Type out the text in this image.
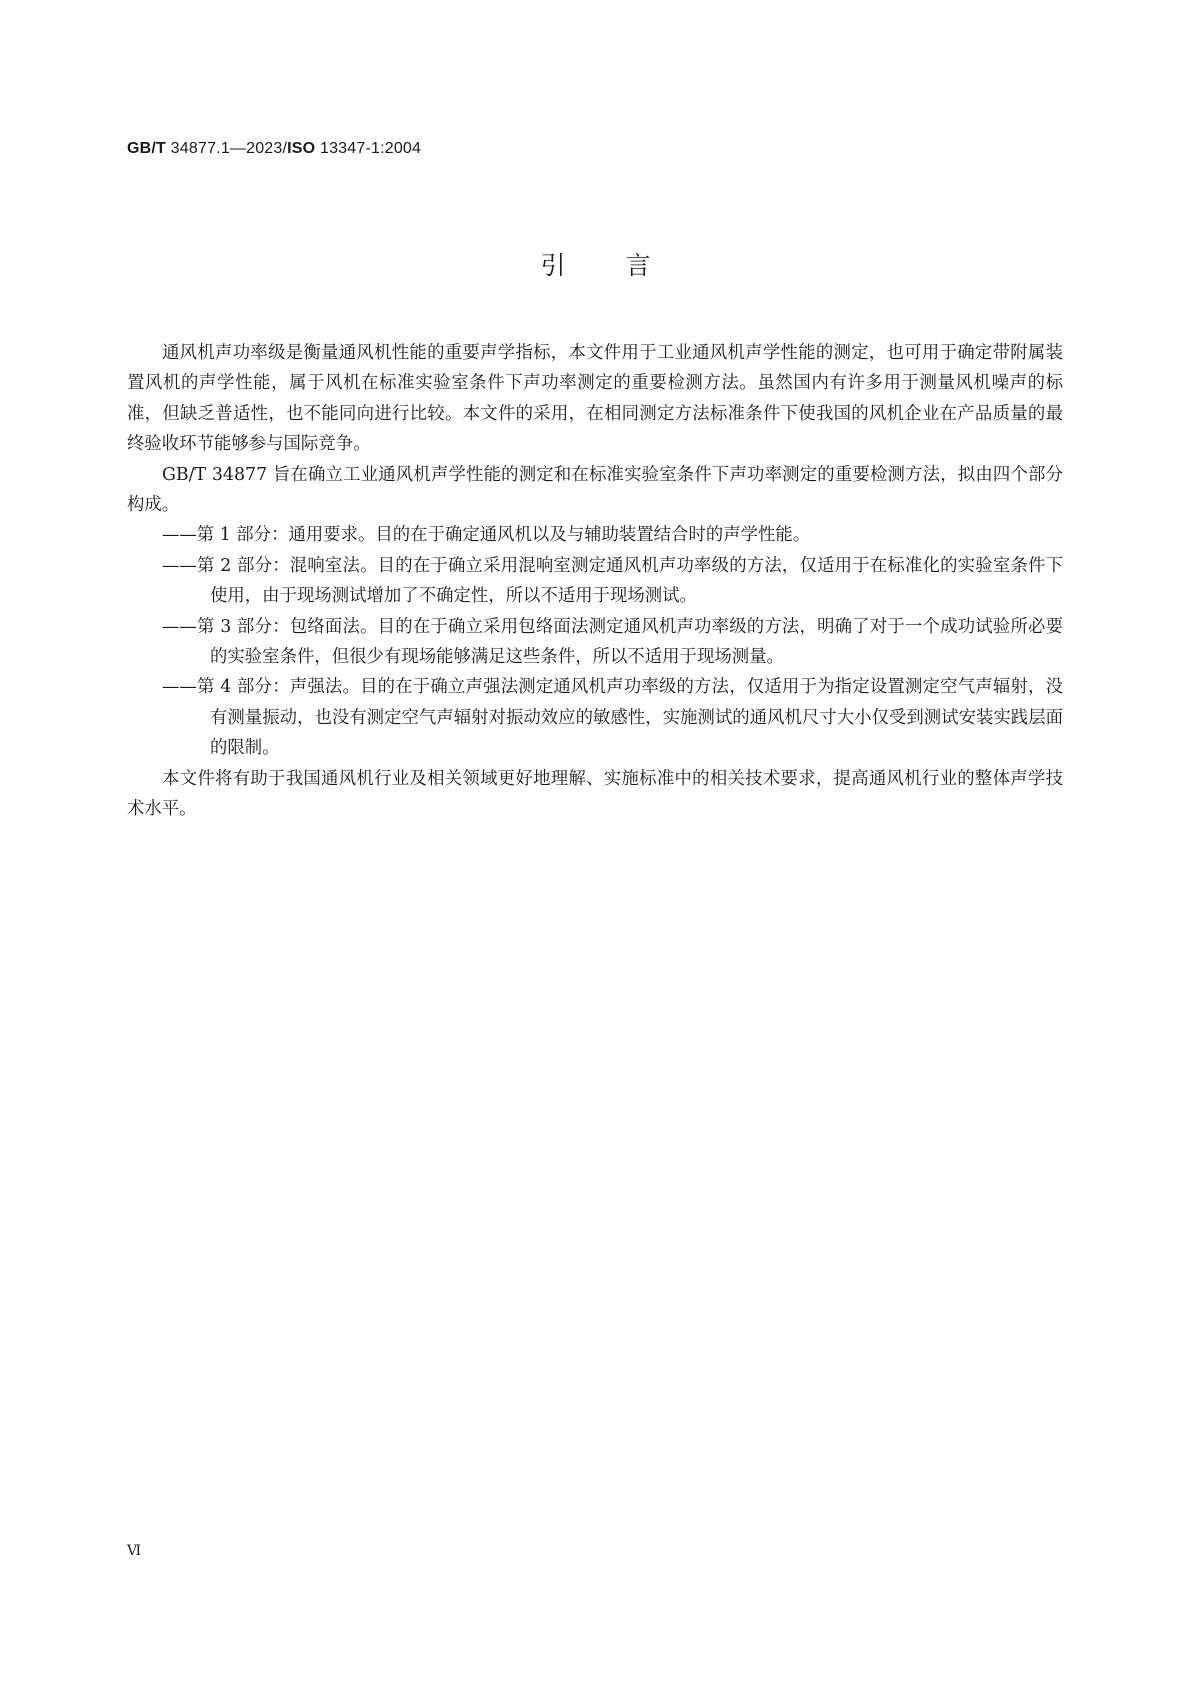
GB/T 34877.1—2023/ISO 13347-1:2004
引言

通风机声功率级是衡量通风机性能的重要声学指标，本文件用于工业通风机声学性能的测定，也可用于确定带附属装置风机的声学性能，属于风机在标准实验室条件下声功率测定的重要检测方法。虽然国内有许多用于测量风机噪声的标准，但缺乏普适性，也不能同向进行比较。本文件的采用，在相同测定方法标准条件下使我国的风机企业在产品质量的最终验收环节能够参与国际竞争。

GB/T 34877 旨在确立工业通风机声学性能的测定和在标准实验室条件下声功率测定的重要检测方法，拟由四个部分构成。

——第 1 部分：通用要求。目的在于确定通风机以及与辅助装置结合时的声学性能。

——第 2 部分：混响室法。目的在于确立采用混响室测定通风机声功率级的方法，仅适用于在标准化的实验室条件下使用，由于现场测试增加了不确定性，所以不适用于现场测试。

——第 3 部分：包络面法。目的在于确立采用包络面法测定通风机声功率级的方法，明确了对于一个成功试验所必要的实验室条件，但很少有现场能够满足这些条件，所以不适用于现场测量。

——第 4 部分：声强法。目的在于确立声强法测定通风机声功率级的方法，仅适用于为指定设置测定空气声辐射，没有测量振动，也没有测定空气声辐射对振动效应的敏感性，实施测试的通风机尺寸大小仅受到测试安装实践层面的限制。

本文件将有助于我国通风机行业及相关领域更好地理解、实施标准中的相关技术要求，提高通风机行业的整体声学技术水平。

Ⅵ
